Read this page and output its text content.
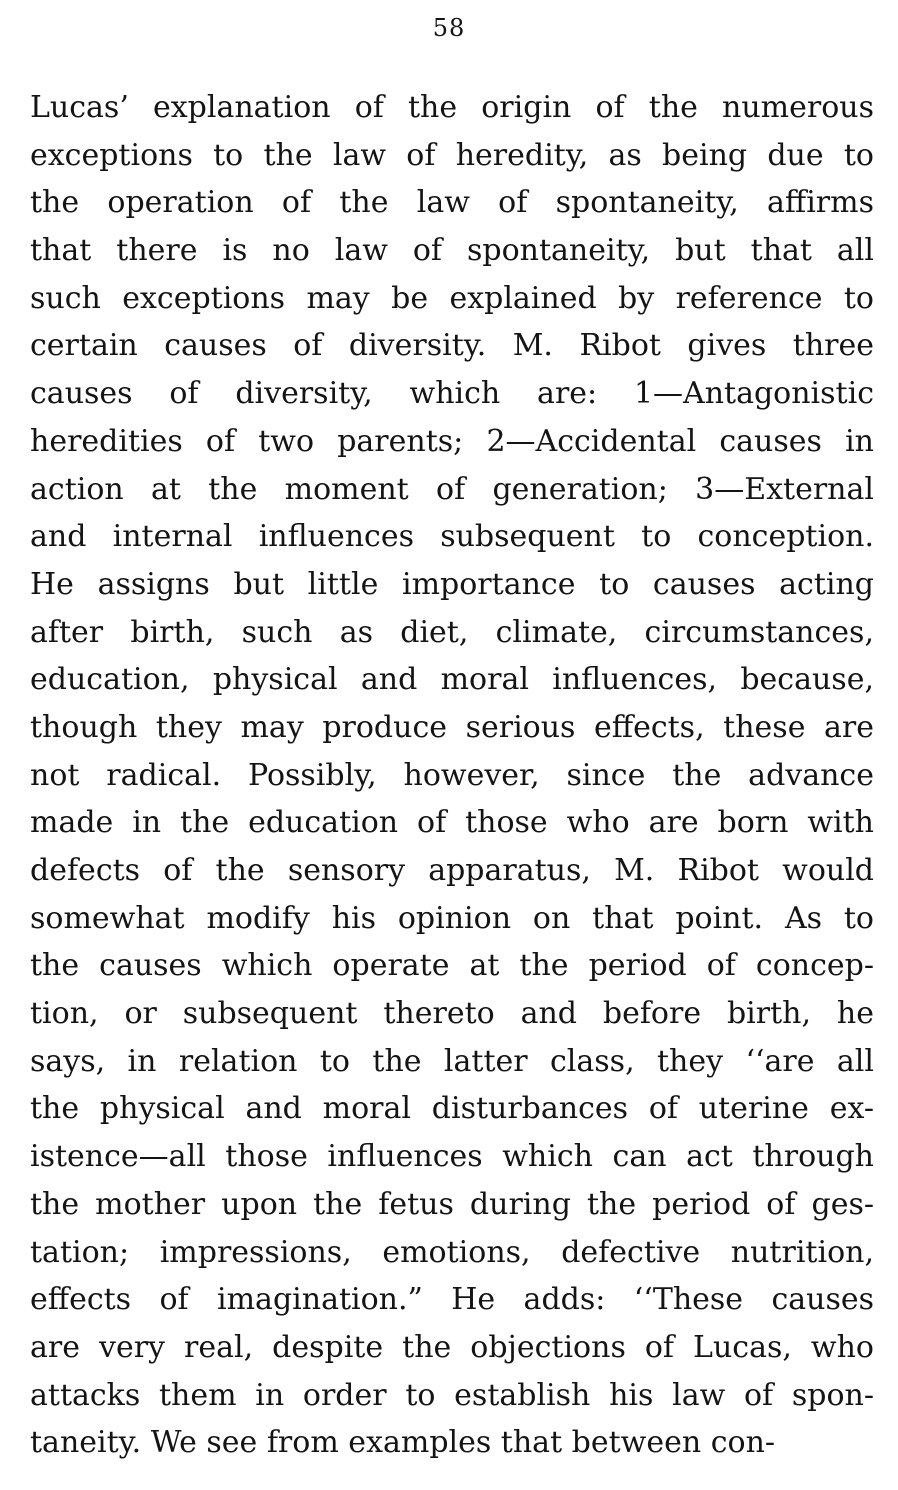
58
Lucas’ explanation of the origin of the numerous
exceptions to the law of heredity, as being due to
the operation of the law of spontaneity, affirms
that there is no law of spontaneity, but that all
such exceptions may be explained by reference to
certain causes of diversity. M. Ribot gives three
causes of diversity, which are: 1—Antagonistic
heredities of two parents; 2—Accidental causes in
action at the moment of generation; 3—External
and internal influences subsequent to conception.
He assigns but little importance to causes acting
after birth, such as diet, climate, circumstances,
education, physical and moral influences, because,
though they may produce serious effects, these are
not radical. Possibly, however, since the advance
made in the education of those who are born with
defects of the sensory apparatus, M. Ribot would
somewhat modify his opinion on that point. As to
the causes which operate at the period of concep-
tion, or subsequent thereto and before birth, he
says, in relation to the latter class, they ‘‘are all
the physical and moral disturbances of uterine ex-
istence—all those influences which can act through
the mother upon the fetus during the period of ges-
tation; impressions, emotions, defective nutrition,
effects of imagination.” He adds: ‘‘These causes
are very real, despite the objections of Lucas, who
attacks them in order to establish his law of spon-
taneity. We see from examples that between con-
